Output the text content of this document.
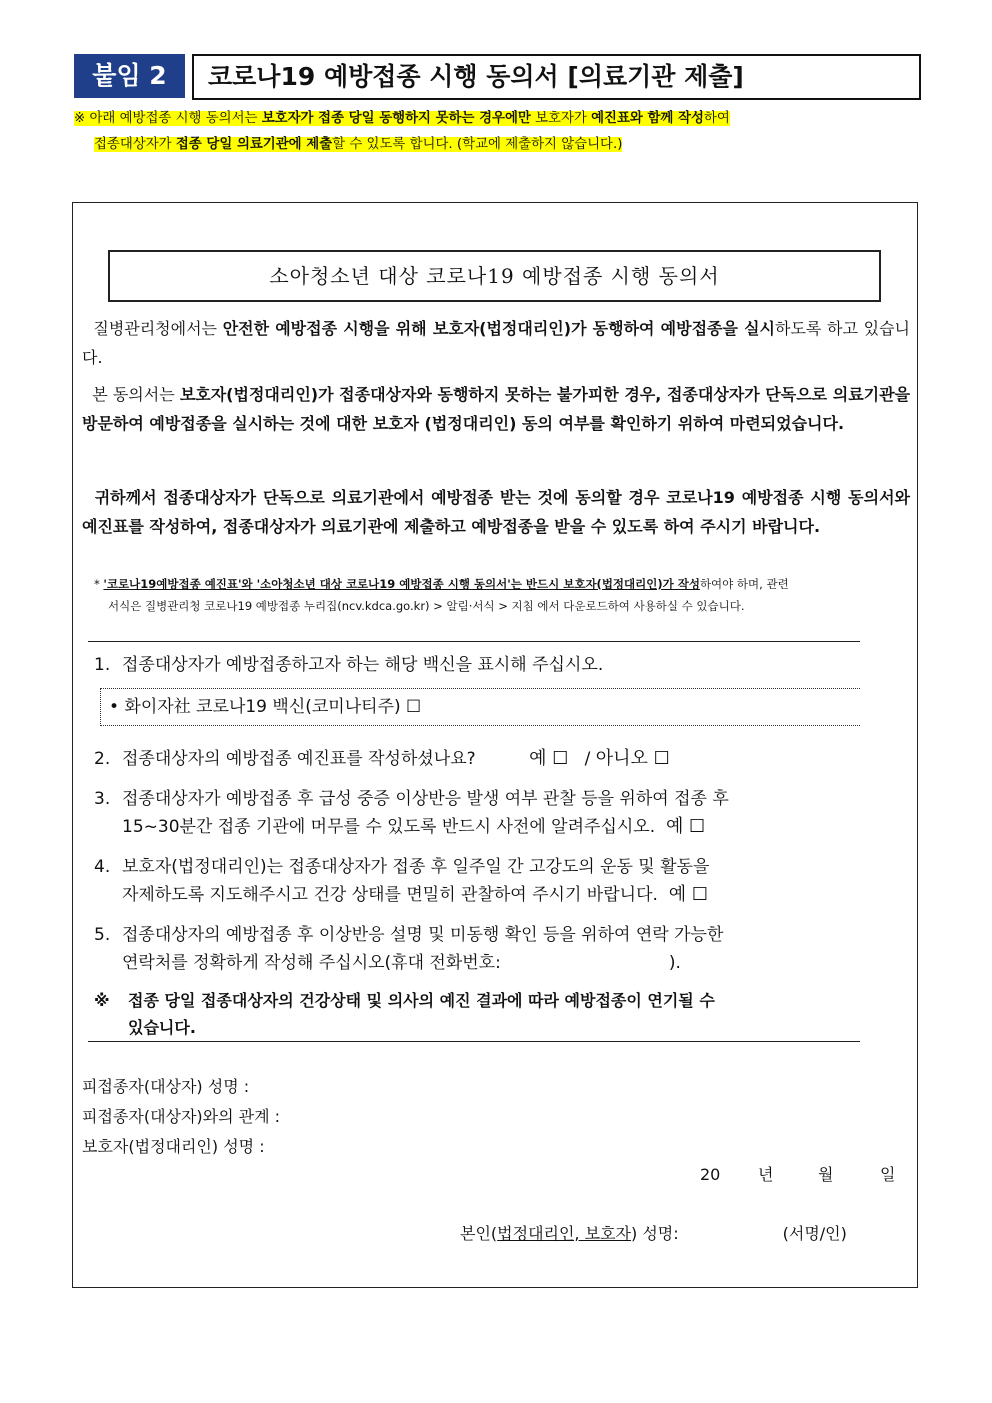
붙임 2	코로나19 예방접종 시행 동의서 [의료기관 제출]
※ 아래 예방접종 시행 동의서는 보호자가 접종 당일 동행하지 못하는 경우에만 보호자가 예진표와 함께 작성하여
접종대상자가 접종 당일 의료기관에 제출할 수 있도록 합니다. (학교에 제출하지 않습니다.)
소아청소년 대상 코로나19 예방접종 시행 동의서
질병관리청에서는 안전한 예방접종 시행을 위해 보호자(법정대리인)가 동행하여 예방접종을 실시하도록 하고 있습니다.
본 동의서는 보호자(법정대리인)가 접종대상자와 동행하지 못하는 불가피한 경우, 접종대상자가 단독으로 의료기관을 방문하여 예방접종을 실시하는 것에 대한 보호자 (법정대리인) 동의 여부를 확인하기 위하여 마련되었습니다.
귀하께서 접종대상자가 단독으로 의료기관에서 예방접종 받는 것에 동의할 경우 코로나19 예방접종 시행 동의서와 예진표를 작성하여, 접종대상자가 의료기관에 제출하고 예방접종을 받을 수 있도록 하여 주시기 바랍니다.
* '코로나19예방접종 예진표'와 '소아청소년 대상 코로나19 예방접종 시행 동의서'는 반드시 보호자(법정대리인)가 작성하여야 하며, 관련
서식은 질병관리청 코로나19 예방접종 누리집(ncv.kdca.go.kr) > 알림·서식 > 지침 에서 다운로드하여 사용하실 수 있습니다.
1. 접종대상자가 예방접종하고자 하는 해당 백신을 표시해 주십시오.
• 화이자社 코로나19 백신(코미나티주) ☐
2. 접종대상자의 예방접종 예진표를 작성하셨나요?	예 ☐ / 아니오 ☐
3. 접종대상자가 예방접종 후 급성 중증 이상반응 발생 여부 관찰 등을 위하여 접종 후
15~30분간 접종 기관에 머무를 수 있도록 반드시 사전에 알려주십시오. 예 ☐
4. 보호자(법정대리인)는 접종대상자가 접종 후 일주일 간 고강도의 운동 및 활동을
자제하도록 지도해주시고 건강 상태를 면밀히 관찰하여 주시기 바랍니다. 예 ☐
5. 접종대상자의 예방접종 후 이상반응 설명 및 미동행 확인 등을 위하여 연락 가능한
연락처를 정확하게 작성해 주십시오(휴대 전화번호:	).
※ 접종 당일 접종대상자의 건강상태 및 의사의 예진 결과에 따라 예방접종이 연기될 수
있습니다.
피접종자(대상자) 성명 :
피접종자(대상자)와의 관계 :
보호자(법정대리인) 성명 :
20 년	월	일
본인(법정대리인, 보호자) 성명:	(서명/인)
